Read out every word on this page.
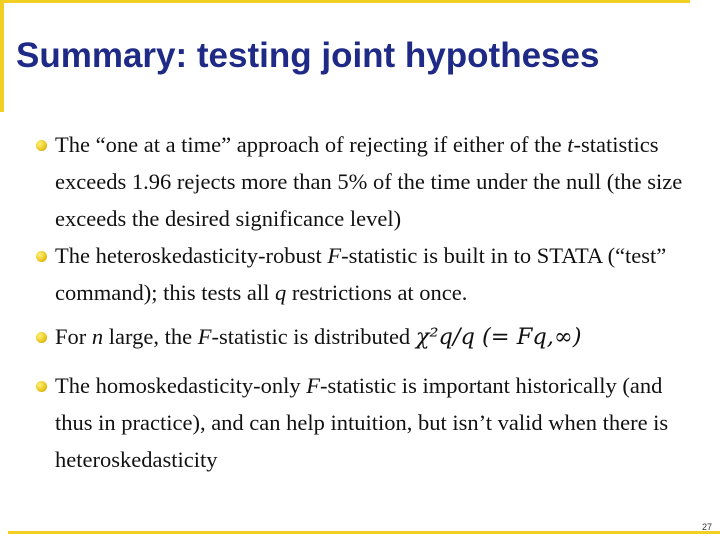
Summary: testing joint hypotheses
The “one at a time” approach of rejecting if either of the t-statistics exceeds 1.96 rejects more than 5% of the time under the null (the size exceeds the desired significance level)
The heteroskedasticity-robust F-statistic is built in to STATA (“test” command); this tests all q restrictions at once.
For n large, the F-statistic is distributed χ²q/q (= Fq,∞)
The homoskedasticity-only F-statistic is important historically (and thus in practice), and can help intuition, but isn’t valid when there is heteroskedasticity
27
